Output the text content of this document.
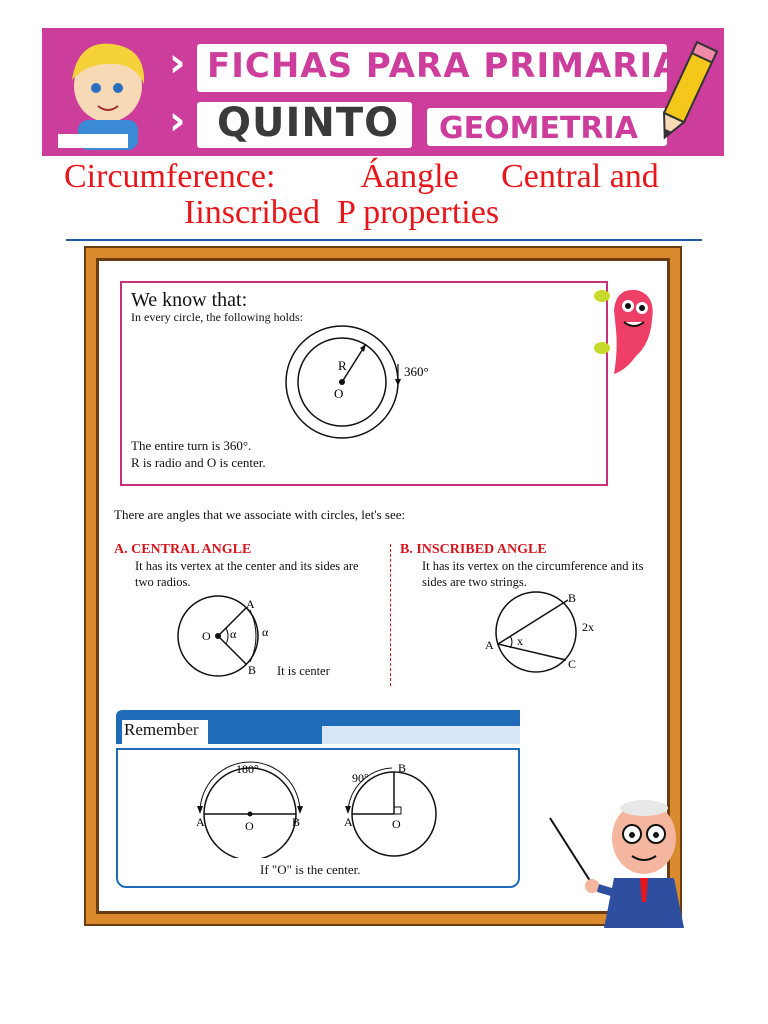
› FICHAS PARA PRIMARIA
› QUINTO GEOMETRIA
Circumference:          Áangle     Central and
Iinscribed  P properties
We know that:
In every circle, the following holds:
R
O
360°
The entire turn is 360°.
R is radio and O is center.
There are angles that we associate with circles, let's see:
A. CENTRAL ANGLE
It has its vertex at the center and its sides are
two radios.
A
B
O α α
It is center
B. INSCRIBED ANGLE
It has its vertex on the circumference and its
sides are two strings.
B
C
A x
2x
Remember
180°
A	O	B
90°
A	O
B
If "O" is the center.
